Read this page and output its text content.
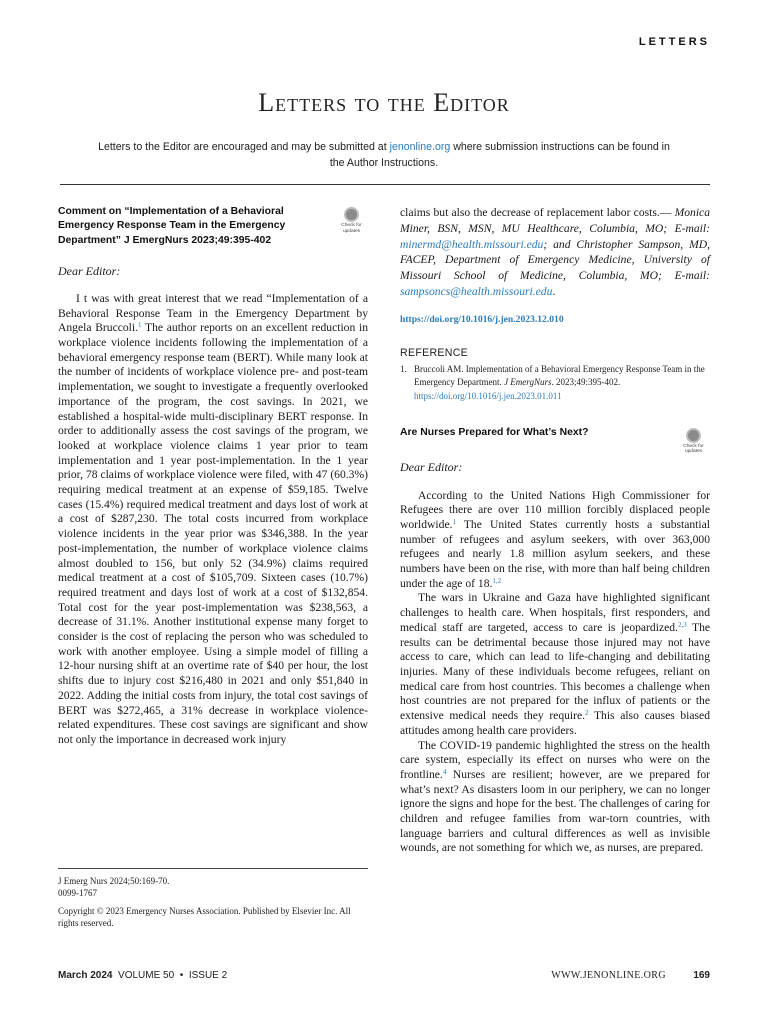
LETTERS
Letters to the Editor
Letters to the Editor are encouraged and may be submitted at jenonline.org where submission instructions can be found in the Author Instructions.
Comment on “Implementation of a Behavioral Emergency Response Team in the Emergency Department” J EmergNurs 2023;49:395-402
Check for
updates
Dear Editor:

I t was with great interest that we read “Implementation of a Behavioral Response Team in the Emergency Department by Angela Bruccoli.$^1$ The author reports on an excellent reduction in workplace violence incidents following the implementation of a behavioral emergency response team (BERT). While many look at the number of incidents of workplace violence pre- and post-team implementation, we sought to investigate a frequently overlooked importance of the program, the cost savings. In 2021, we established a hospital-wide multi-disciplinary BERT response. In order to additionally assess the cost savings of the program, we looked at workplace violence claims 1 year prior to team implementation and 1 year post-implementation. In the 1 year prior, 78 claims of workplace violence were filed, with 47 (60.3%) requiring medical treatment at an expense of $59,185. Twelve cases (15.4%) required medical treatment and days lost of work at a cost of $287,230. The total costs incurred from workplace violence incidents in the year prior was $346,388. In the year post-implementation, the number of workplace violence claims almost doubled to 156, but only 52 (34.9%) claims required medical treatment at a cost of $105,709. Sixteen cases (10.7%) required treatment and days lost of work at a cost of $132,854. Total cost for the year post-implementation was $238,563, a decrease of 31.1%. Another institutional expense many forget to consider is the cost of replacing the person who was scheduled to work with another employee. Using a simple model of filling a 12-hour nursing shift at an overtime rate of $40 per hour, the lost shifts due to injury cost $216,480 in 2021 and only $51,840 in 2022. Adding the initial costs from injury, the total cost savings of BERT was $272,465, a 31% decrease in workplace violence-related expenditures. These cost savings are significant and show not only the importance in decreased work injury

J Emerg Nurs 2024;50:169-70.
0099-1767
Copyright © 2023 Emergency Nurses Association. Published by Elsevier Inc. All rights reserved.

claims but also the decrease of replacement labor costs.— Monica Miner, BSN, MSN, MU Healthcare, Columbia, MO; E-mail: minermd@health.missouri.edu; and Christopher Sampson, MD, FACEP, Department of Emergency Medicine, University of Missouri School of Medicine, Columbia, MO; E-mail: sampsoncs@health.missouri.edu.

https://doi.org/10.1016/j.jen.2023.12.010
REFERENCE
1. Bruccoli AM. Implementation of a Behavioral Emergency Response Team in the Emergency Department. J EmergNurs. 2023;49:395-402. https://doi.org/10.1016/j.jen.2023.01.011
Are Nurses Prepared for What’s Next?
Check for
updates
Dear Editor:

According to the United Nations High Commissioner for Refugees there are over 110 million forcibly displaced people worldwide.$^1$ The United States currently hosts a substantial number of refugees and asylum seekers, with over 363,000 refugees and nearly 1.8 million asylum seekers, and these numbers have been on the rise, with more than half being children under the age of 18.$^{1,2}$

The wars in Ukraine and Gaza have highlighted significant challenges to health care. When hospitals, first responders, and medical staff are targeted, access to care is jeopardized.$^{2,3}$ The results can be detrimental because those injured may not have access to care, which can lead to life-changing and debilitating injuries. Many of these individuals become refugees, reliant on medical care from host countries. This becomes a challenge when host countries are not prepared for the influx of patients or the extensive medical needs they require.$^2$ This also causes biased attitudes among health care providers.

The COVID-19 pandemic highlighted the stress on the health care system, especially its effect on nurses who were on the frontline.$^4$ Nurses are resilient; however, are we prepared for what’s next? As disasters loom in our periphery, we can no longer ignore the signs and hope for the best. The challenges of caring for children and refugee families from war-torn countries, with language barriers and cultural differences as well as invisible wounds, are not something for which we, as nurses, are prepared.

March 2024 VOLUME 50 • ISSUE 2	WWW.JENONLINE.ORG	169
